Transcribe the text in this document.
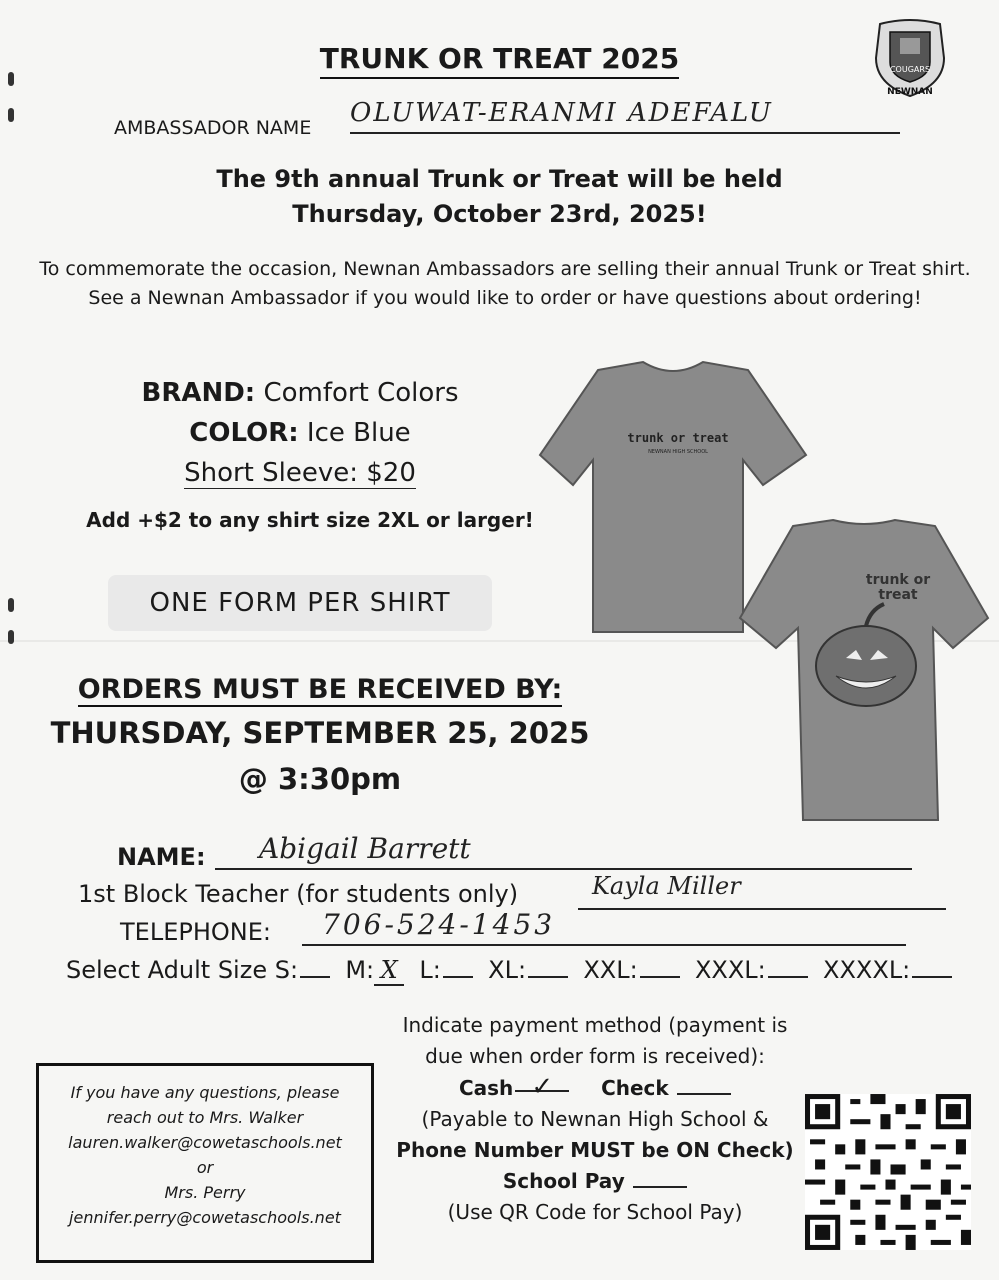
COUGARS
NEWNAN
TRUNK OR TREAT 2025
AMBASSADOR NAME OLUWAT-ERANMI ADEFALU
The 9th annual Trunk or Treat will be held
Thursday, October 23rd, 2025!
To commemorate the occasion, Newnan Ambassadors are selling their annual Trunk or Treat shirt.
See a Newnan Ambassador if you would like to order or have questions about ordering!
BRAND: Comfort Colors
COLOR: Ice Blue
Short Sleeve: $20
Add +$2 to any shirt size 2XL or larger!
ONE FORM PER SHIRT
trunk or treat
NEWNAN HIGH SCHOOL
trunk or
treat
ORDERS MUST BE RECEIVED BY:
THURSDAY, SEPTEMBER 25, 2025
@ 3:30pm
NAME:	Abigail Barrett
1st Block Teacher (for students only)	Kayla Miller
TELEPHONE:	706-524-1453
Select Adult Size S: M: X L: XL: XXL: XXXL: XXXXL:
Indicate payment method (payment is due when order form is received):
Cash ✓ Check
(Payable to Newnan High School &
Phone Number MUST be ON Check)
School Pay
(Use QR Code for School Pay)
If you have any questions, please
reach out to Mrs. Walker
lauren.walker@cowetaschools.net
or
Mrs. Perry
jennifer.perry@cowetaschools.net
